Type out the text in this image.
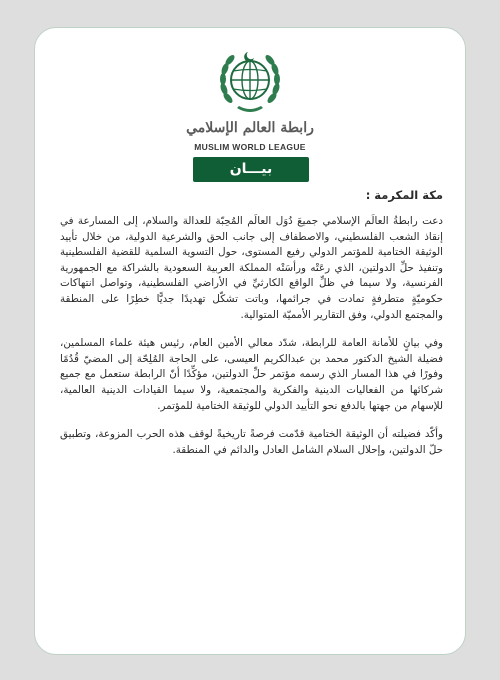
رابطة العالم الإسلامي
MUSLIM WORLD LEAGUE
بيـــان

مكة المكرمة :

دعت رابطةُ العالَم الإسلامي جميعَ دُوَل العالَم المُحِبّة للعدالة والسلام، إلى المسارعة في إنقاذ الشعب الفلسطيني، والاصطفاف إلى جانب الحق والشرعية الدولية، من خلال تأييد الوثيقة الختامية للمؤتمر الدولي رفيع المستوى، حول التسوية السلمية للقضية الفلسطينية وتنفيذ حلِّ الدولتين، الذي رعَتْه ورأسَتْه المملكة العربية السعودية بالشراكة مع الجمهورية الفرنسية، ولا سيما في ظلِّ الواقع الكارثيِّ في الأراضي الفلسطينية، وتواصل انتهاكات حكوميّةٍ متطرفةٍ تمادت في جرائمها، وباتت تشكّل تهديدًا جديًّا خطِرًا على المنطقة والمجتمع الدولي، وفق التقارير الأمميّة المتوالية.

وفي بيانٍ للأمانة العامة للرابطة، شدّد معالي الأمين العام، رئيس هيئة علماء المسلمين، فضيلة الشيخ الدكتور محمد بن عبدالكريم العيسى، على الحاجة المُلِحّة إلى المضيّ قُدُمًا وفورًا في هذا المسار الذي رسمه مؤتمر حلِّ الدولتين، مؤكِّدًا أنّ الرابطة ستعمل مع جميع شركائها من الفعاليات الدينية والفكرية والمجتمعية، ولا سيما القيادات الدينية العالمية، للإسهام من جهتها بالدفع نحو التأييد الدولي للوثيقة الختامية للمؤتمر.

وأكّد فضيلته أن الوثيقة الختامية قدّمت فرصةً تاريخيةً لوقف هذه الحرب المزوعة، وتطبيق حلّ الدولتين، وإحلال السلام الشامل العادل والدائم في المنطقة.
